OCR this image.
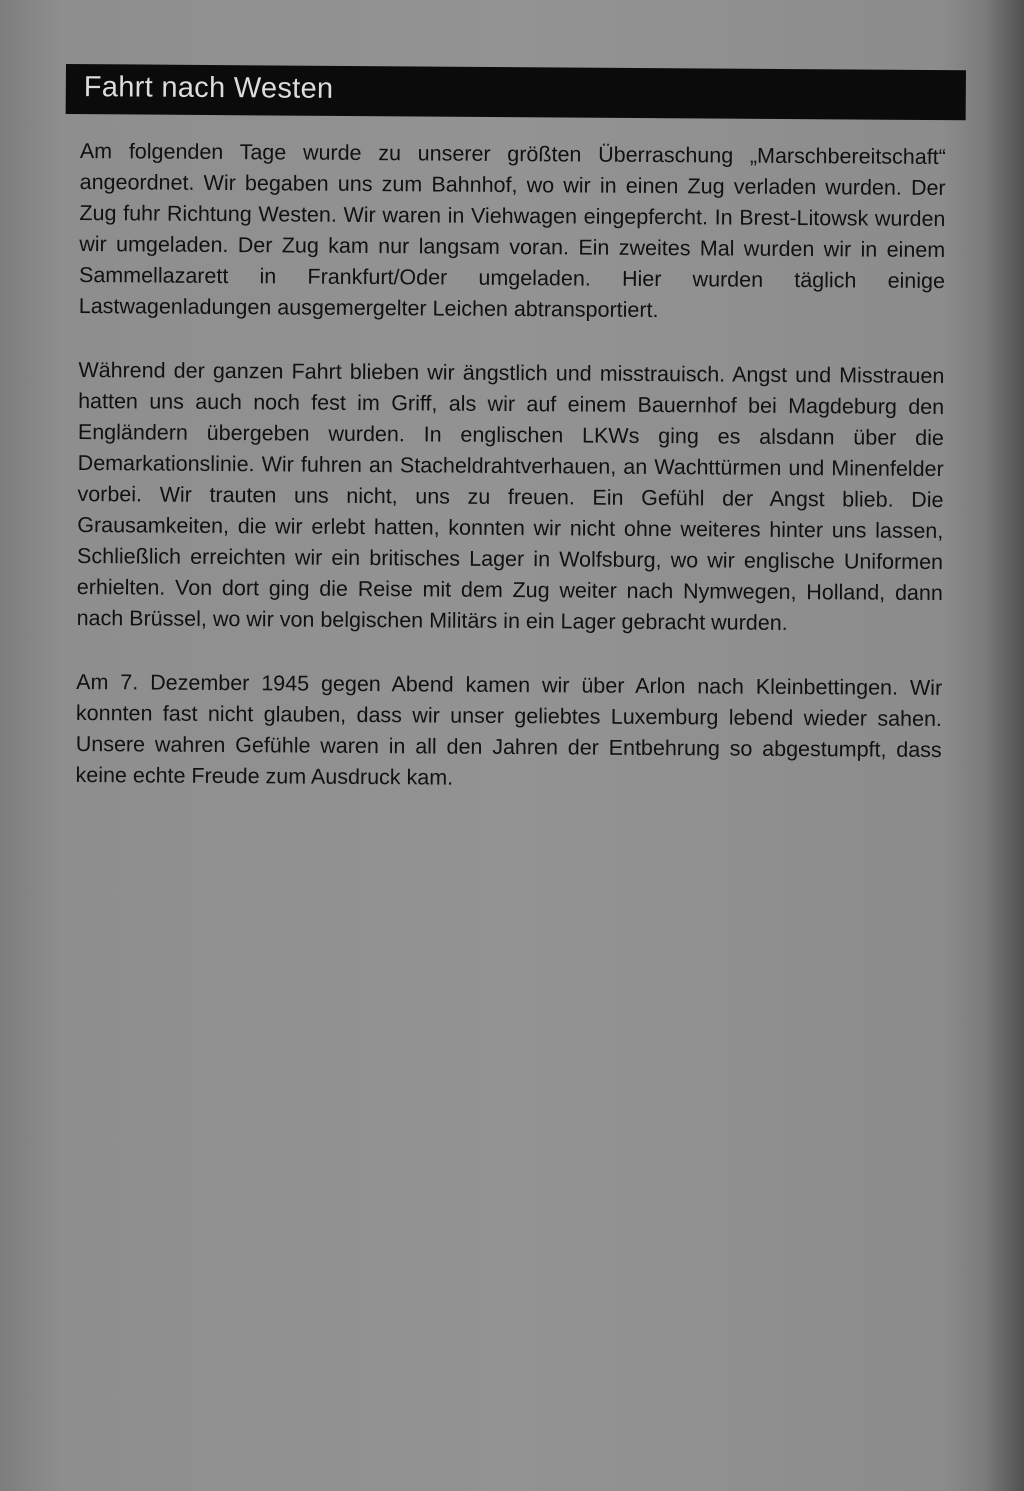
Fahrt nach Westen

Am folgenden Tage wurde zu unserer größten Überraschung „Marschbereitschaft“ angeordnet. Wir begaben uns zum Bahnhof, wo wir in einen Zug verladen wurden. Der Zug fuhr Richtung Westen. Wir waren in Viehwagen eingepfercht. In Brest-Litowsk wurden wir umgeladen. Der Zug kam nur langsam voran. Ein zweites Mal wurden wir in einem Sammellazarett in Frankfurt/Oder umgeladen. Hier wurden täglich einige Lastwagenladungen ausgemergelter Leichen abtransportiert.

Während der ganzen Fahrt blieben wir ängstlich und misstrauisch. Angst und Misstrauen hatten uns auch noch fest im Griff, als wir auf einem Bauernhof bei Magdeburg den Engländern übergeben wurden. In englischen LKWs ging es alsdann über die Demarkationslinie. Wir fuhren an Stacheldrahtverhauen, an Wachttürmen und Minenfelder vorbei. Wir trauten uns nicht, uns zu freuen. Ein Gefühl der Angst blieb. Die Grausamkeiten, die wir erlebt hatten, konnten wir nicht ohne weiteres hinter uns lassen, Schließlich erreichten wir ein britisches Lager in Wolfsburg, wo wir englische Uniformen erhielten. Von dort ging die Reise mit dem Zug weiter nach Nymwegen, Holland, dann nach Brüssel, wo wir von belgischen Militärs in ein Lager gebracht wurden.

Am 7. Dezember 1945 gegen Abend kamen wir über Arlon nach Kleinbettingen. Wir konnten fast nicht glauben, dass wir unser geliebtes Luxemburg lebend wieder sahen. Unsere wahren Gefühle waren in all den Jahren der Entbehrung so abgestumpft, dass keine echte Freude zum Ausdruck kam.
